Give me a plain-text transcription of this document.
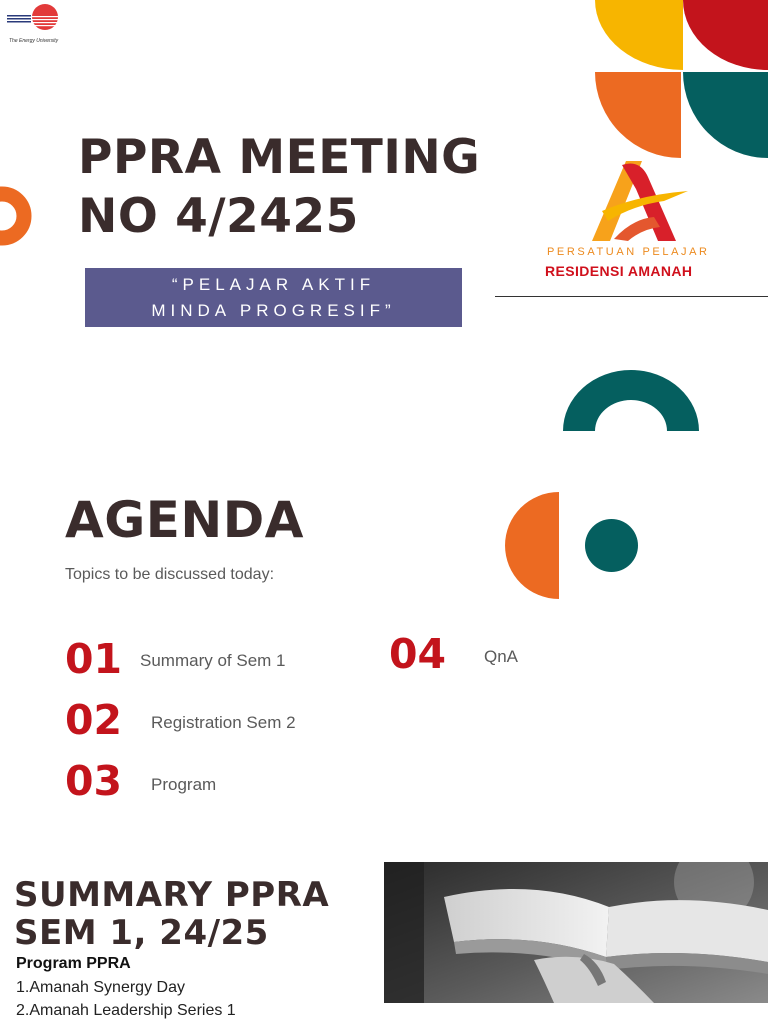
The Energy University
PPRA MEETING
NO 4/2425
“PELAJAR AKTIF
MINDA PROGRESIF”
PERSATUAN PELAJAR
RESIDENSI AMANAH
AGENDA
Topics to be discussed today:
01 Summary of Sem 1
02 Registration Sem 2
03 Program
04 QnA
SUMMARY PPRA
SEM 1, 24/25
Program PPRA
1.Amanah Synergy Day
2.Amanah Leadership Series 1
